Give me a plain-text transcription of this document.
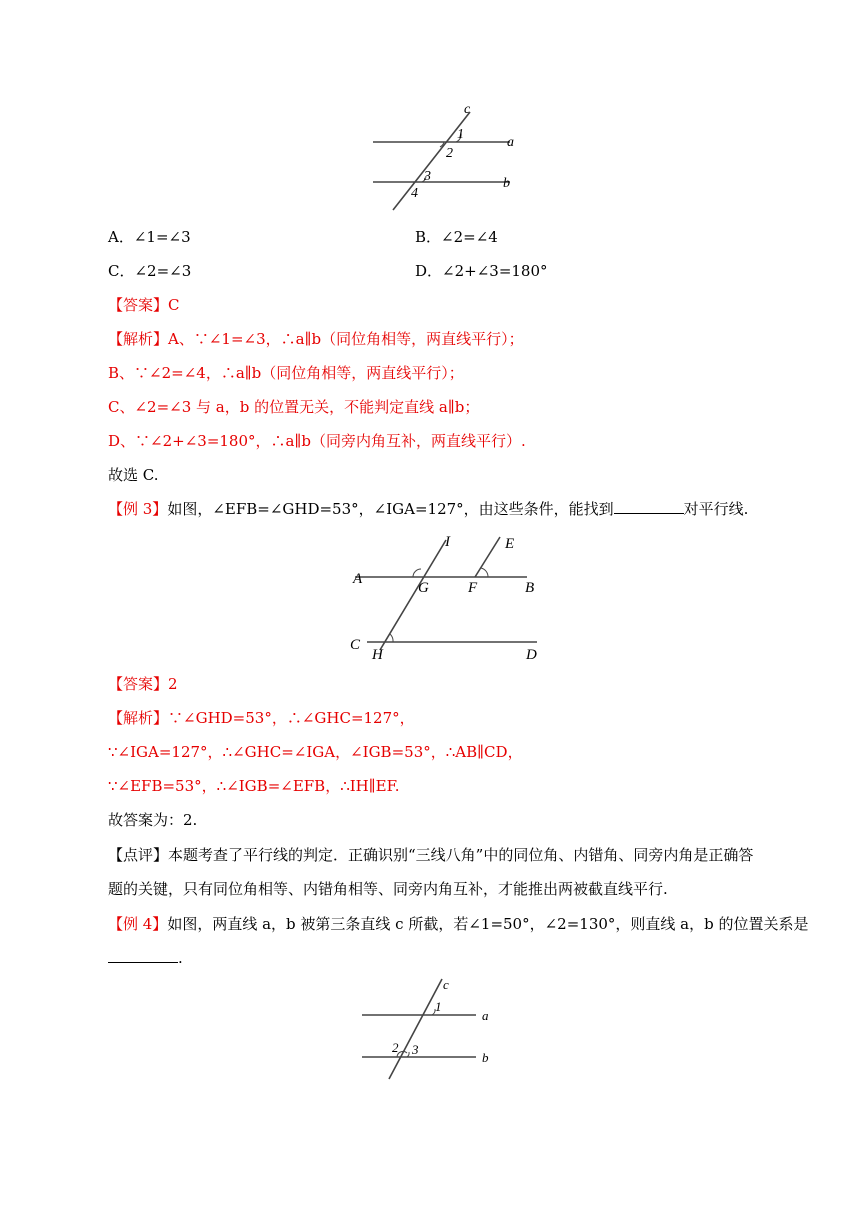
c
1
2
a
3
4
b
A．∠1=∠3	B．∠2=∠4
C．∠2=∠3	D．∠2+∠3=180°
【答案】C
【解析】A、∵∠1=∠3，∴a∥b（同位角相等，两直线平行）；
B、∵∠2=∠4，∴a∥b（同位角相等，两直线平行）；
C、∠2=∠3 与 a，b 的位置无关，不能判定直线 a∥b；
D、∵∠2+∠3=180°，∴a∥b（同旁内角互补，两直线平行）.
故选 C.
【例 3】如图，∠EFB=∠GHD=53°，∠IGA=127°，由这些条件，能找到	对平行线.
I	E
A
G	F	B
C
H	D
【答案】2
【解析】∵∠GHD=53°，∴∠GHC=127°，
∵∠IGA=127°，∴∠GHC=∠IGA，∠IGB=53°，∴AB∥CD，
∵∠EFB=53°，∴∠IGB=∠EFB，∴IH∥EF.
故答案为：2.
【点评】本题考查了平行线的判定．正确识别“三线八角”中的同位角、内错角、同旁内角是正确答
题的关键，只有同位角相等、内错角相等、同旁内角互补，才能推出两被截直线平行.
【例 4】如图，两直线 a，b 被第三条直线 c 所截，若∠1=50°，∠2=130°，则直线 a，b 的位置关系是
.
c
1
a
2 3
b
